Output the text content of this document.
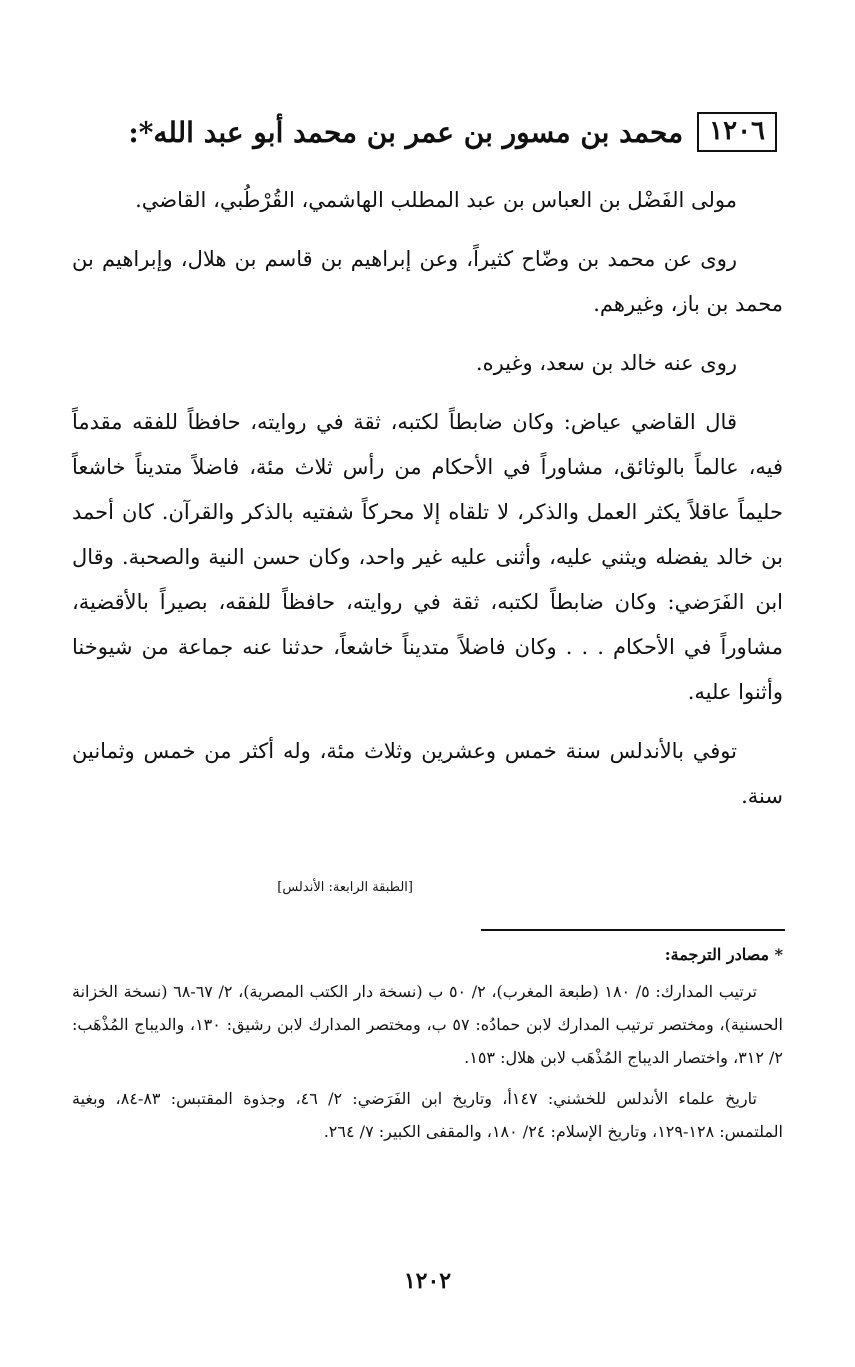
١٢٠٦
محمد بن مسور بن عمر بن محمد أبو عبد الله*:

مولى الفَضْل بن العباس بن عبد المطلب الهاشمي، القُرْطُبي، القاضي.

روى عن محمد بن وضّاح كثيراً، وعن إبراهيم بن قاسم بن هلال، وإبراهيم بن محمد بن باز، وغيرهم.

روى عنه خالد بن سعد، وغيره.

قال القاضي عياض: وكان ضابطاً لكتبه، ثقة في روايته، حافظاً للفقه مقدماً فيه، عالماً بالوثائق، مشاوراً في الأحكام من رأس ثلاث مئة، فاضلاً متديناً خاشعاً حليماً عاقلاً يكثر العمل والذكر، لا تلقاه إلا محركاً شفتيه بالذكر والقرآن. كان أحمد بن خالد يفضله ويثني عليه، وأثنى عليه غير واحد، وكان حسن النية والصحبة. وقال ابن الفَرَضي: وكان ضابطاً لكتبه، ثقة في روايته، حافظاً للفقه، بصيراً بالأقضية، مشاوراً في الأحكام . . . وكان فاضلاً متديناً خاشعاً، حدثنا عنه جماعة من شيوخنا وأثنوا عليه.

توفي بالأندلس سنة خمس وعشرين وثلاث مئة، وله أكثر من خمس وثمانين سنة.

[الطبقة الرابعة: الأندلس]

* مصادر الترجمة:

ترتيب المدارك: ٥/ ١٨٠ (طبعة المغرب)، ٢/ ٥٠ ب (نسخة دار الكتب المصرية)، ٢/ ٦٧-٦٨ (نسخة الخزانة الحسنية)، ومختصر ترتيب المدارك لابن حمادُه: ٥٧ ب، ومختصر المدارك لابن رشيق: ١٣٠، والديباج المُذْهَب: ٢/ ٣١٢، واختصار الديباج المُذْهَب لابن هلال: ١٥٣.

تاريخ علماء الأندلس للخشني: ١٤٧أ، وتاريخ ابن الفَرَضي: ٢/ ٤٦، وجذوة المقتبس: ٨٣-٨٤، وبغية الملتمس: ١٢٨-١٢٩، وتاريخ الإسلام: ٢٤/ ١٨٠، والمقفى الكبير: ٧/ ٢٦٤.

١٢٠٢
